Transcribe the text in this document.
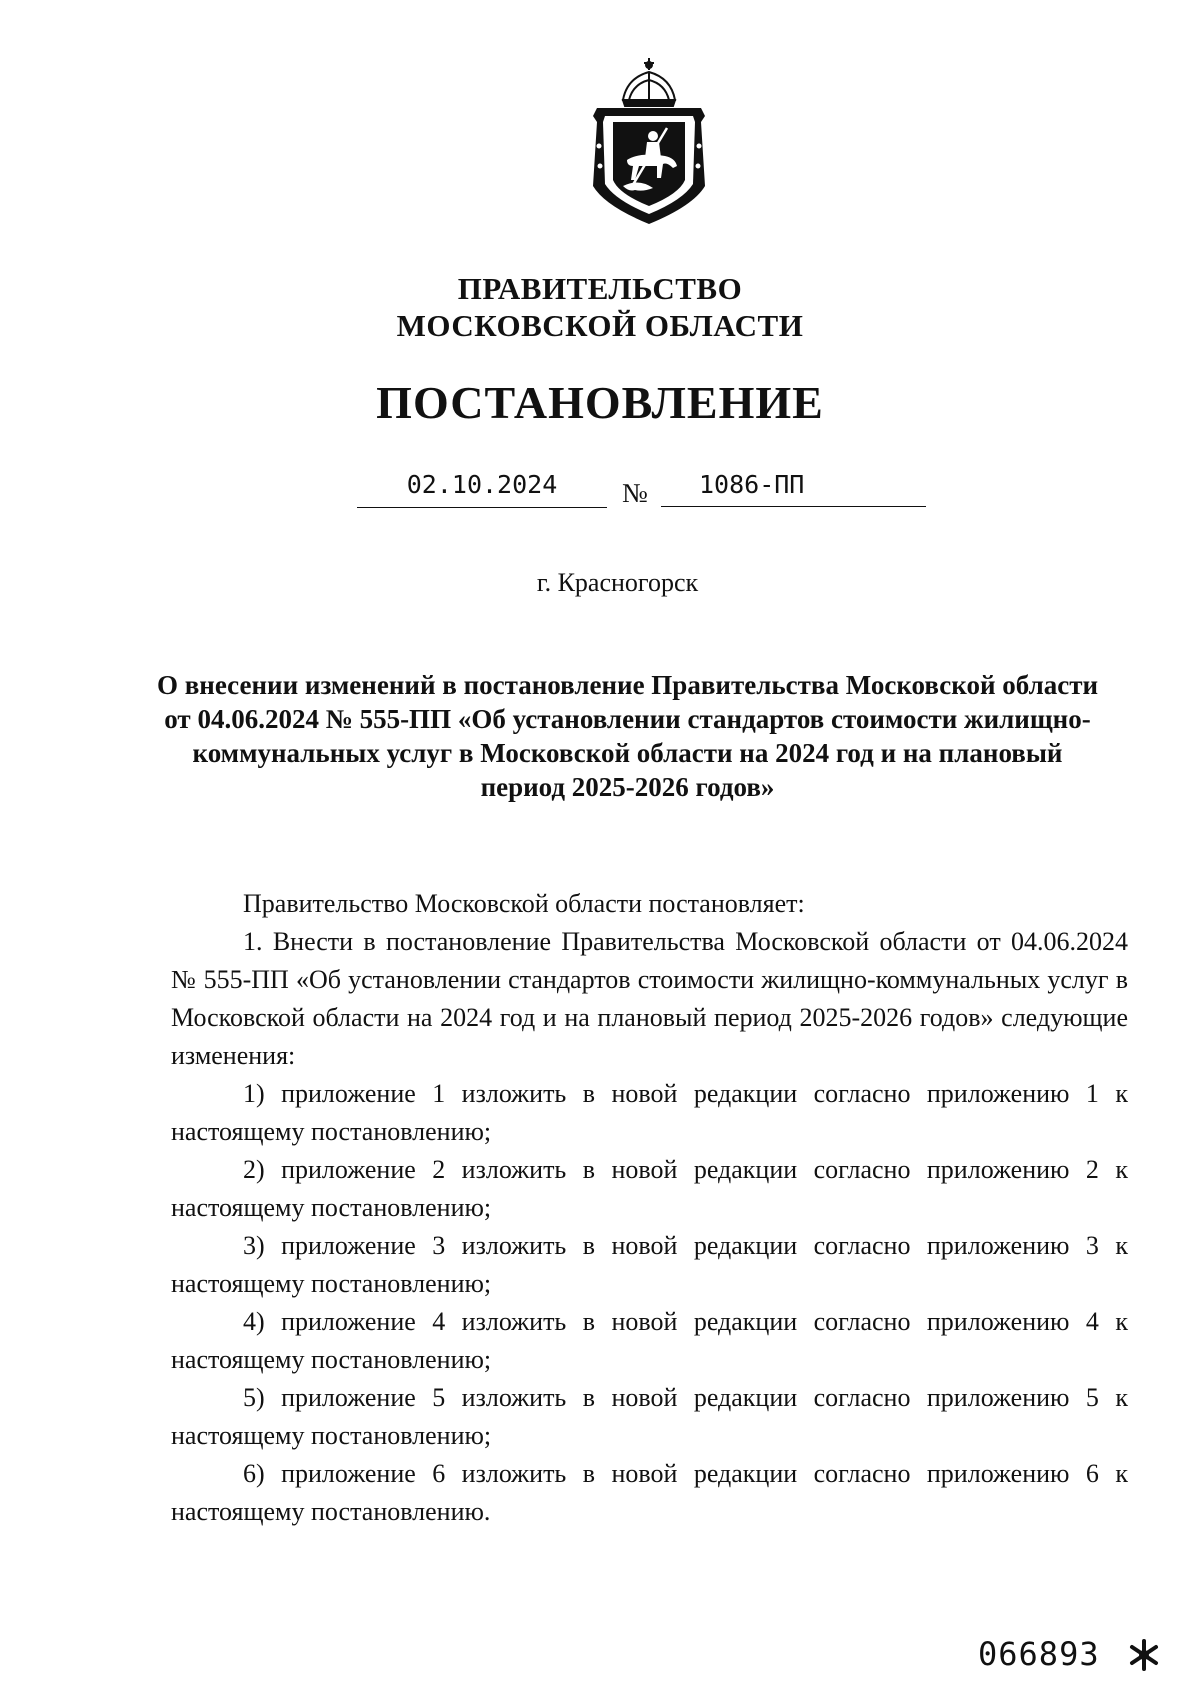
ПРАВИТЕЛЬСТВО
МОСКОВСКОЙ ОБЛАСТИ
ПОСТАНОВЛЕНИЕ
02.10.2024	№	1086-ПП
г. Красногорск
О внесении изменений в постановление Правительства Московской области от 04.06.2024 № 555-ПП «Об установлении стандартов стоимости жилищно-коммунальных услуг в Московской области на 2024 год и на плановый период 2025-2026 годов»

Правительство Московской области постановляет:

1. Внести в постановление Правительства Московской области от 04.06.2024 № 555-ПП «Об установлении стандартов стоимости жилищно-коммунальных услуг в Московской области на 2024 год и на плановый период 2025-2026 годов» следующие изменения:

1) приложение 1 изложить в новой редакции согласно приложению 1 к настоящему постановлению;

2) приложение 2 изложить в новой редакции согласно приложению 2 к настоящему постановлению;

3) приложение 3 изложить в новой редакции согласно приложению 3 к настоящему постановлению;

4) приложение 4 изложить в новой редакции согласно приложению 4 к настоящему постановлению;

5) приложение 5 изложить в новой редакции согласно приложению 5 к настоящему постановлению;

6) приложение 6 изложить в новой редакции согласно приложению 6 к настоящему постановлению.

066893
